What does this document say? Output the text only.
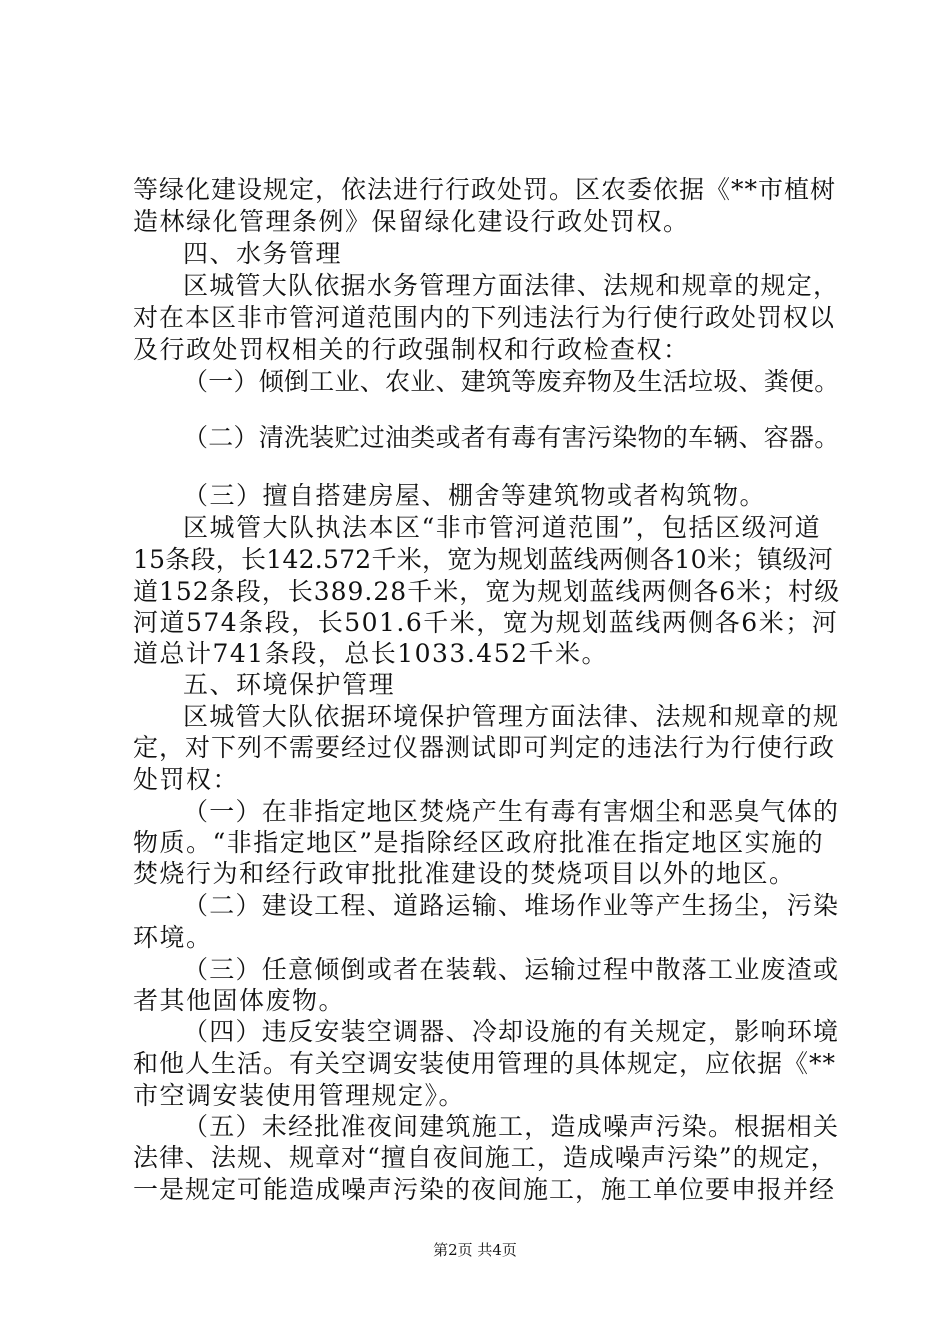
等绿化建设规定，依法进行行政处罚。区农委依据《**市植树
造林绿化管理条例》保留绿化建设行政处罚权。
四、水务管理
区城管大队依据水务管理方面法律、法规和规章的规定，
对在本区非市管河道范围内的下列违法行为行使行政处罚权以
及行政处罚权相关的行政强制权和行政检查权：
（一）倾倒工业、农业、建筑等废弃物及生活垃圾、粪便。
（二）清洗装贮过油类或者有毒有害污染物的车辆、容器。
（三）擅自搭建房屋、棚舍等建筑物或者构筑物。
区城管大队执法本区“非市管河道范围”，包括区级河道
15条段，长142.572千米，宽为规划蓝线两侧各10米；镇级河
道152条段，长389.28千米，宽为规划蓝线两侧各6米；村级
河道574条段，长501.6千米，宽为规划蓝线两侧各6米；河
道总计741条段，总长1033.452千米。
五、环境保护管理
区城管大队依据环境保护管理方面法律、法规和规章的规
定，对下列不需要经过仪器测试即可判定的违法行为行使行政
处罚权：
（一）在非指定地区焚烧产生有毒有害烟尘和恶臭气体的
物质。“非指定地区”是指除经区政府批准在指定地区实施的
焚烧行为和经行政审批批准建设的焚烧项目以外的地区。
（二）建设工程、道路运输、堆场作业等产生扬尘，污染
环境。
（三）任意倾倒或者在装载、运输过程中散落工业废渣或
者其他固体废物。
（四）违反安装空调器、冷却设施的有关规定，影响环境
和他人生活。有关空调安装使用管理的具体规定，应依据《**
市空调安装使用管理规定》。
（五）未经批准夜间建筑施工，造成噪声污染。根据相关
法律、法规、规章对“擅自夜间施工，造成噪声污染”的规定，
一是规定可能造成噪声污染的夜间施工，施工单位要申报并经
第2页 共4页
